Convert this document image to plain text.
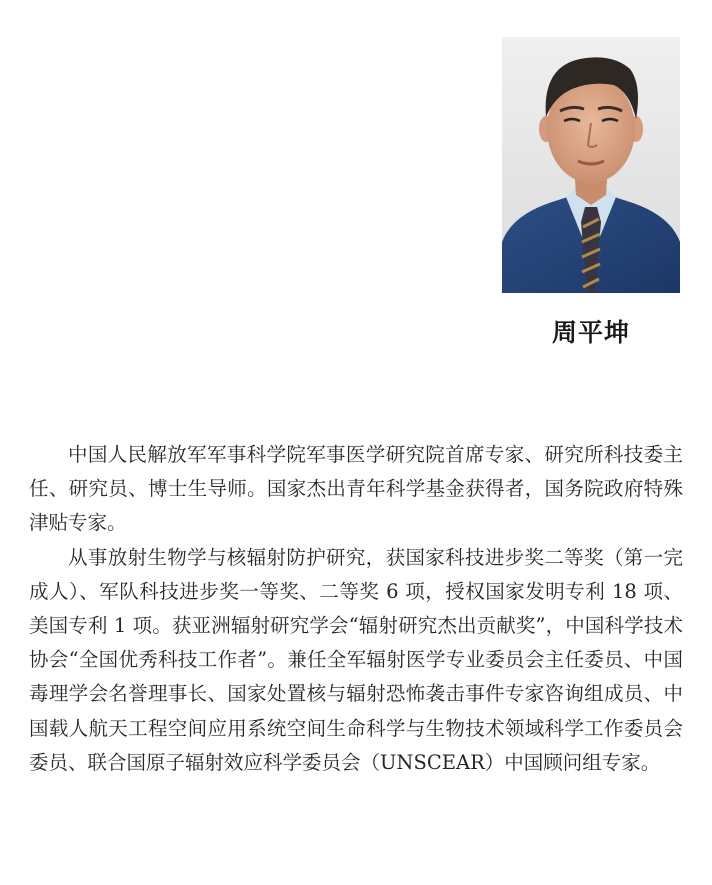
周平坤

中国人民解放军军事科学院军事医学研究院首席专家、研究所科技委主任、研究员、博士生导师。国家杰出青年科学基金获得者，国务院政府特殊津贴专家。

从事放射生物学与核辐射防护研究，获国家科技进步奖二等奖（第一完成人）、军队科技进步奖一等奖、二等奖 6 项，授权国家发明专利 18 项、美国专利 1 项。获亚洲辐射研究学会“辐射研究杰出贡献奖”，中国科学技术协会“全国优秀科技工作者”。兼任全军辐射医学专业委员会主任委员、中国毒理学会名誉理事长、国家处置核与辐射恐怖袭击事件专家咨询组成员、中国载人航天工程空间应用系统空间生命科学与生物技术领域科学工作委员会委员、联合国原子辐射效应科学委员会（UNSCEAR）中国顾问组专家。
